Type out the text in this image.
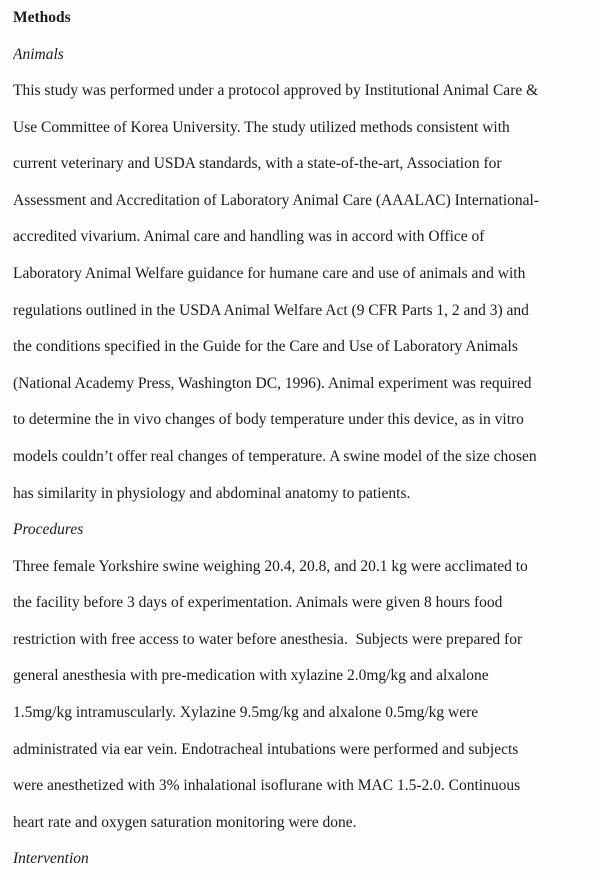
Methods
Animals
This study was performed under a protocol approved by Institutional Animal Care &
Use Committee of Korea University. The study utilized methods consistent with
current veterinary and USDA standards, with a state-of-the-art, Association for
Assessment and Accreditation of Laboratory Animal Care (AAALAC) International-
accredited vivarium. Animal care and handling was in accord with Office of
Laboratory Animal Welfare guidance for humane care and use of animals and with
regulations outlined in the USDA Animal Welfare Act (9 CFR Parts 1, 2 and 3) and
the conditions specified in the Guide for the Care and Use of Laboratory Animals
(National Academy Press, Washington DC, 1996). Animal experiment was required
to determine the in vivo changes of body temperature under this device, as in vitro
models couldn’t offer real changes of temperature. A swine model of the size chosen
has similarity in physiology and abdominal anatomy to patients.
Procedures
Three female Yorkshire swine weighing 20.4, 20.8, and 20.1 kg were acclimated to
the facility before 3 days of experimentation. Animals were given 8 hours food
restriction with free access to water before anesthesia.  Subjects were prepared for
general anesthesia with pre-medication with xylazine 2.0mg/kg and alxalone
1.5mg/kg intramuscularly. Xylazine 9.5mg/kg and alxalone 0.5mg/kg were
administrated via ear vein. Endotracheal intubations were performed and subjects
were anesthetized with 3% inhalational isoflurane with MAC 1.5-2.0. Continuous
heart rate and oxygen saturation monitoring were done.
Intervention
